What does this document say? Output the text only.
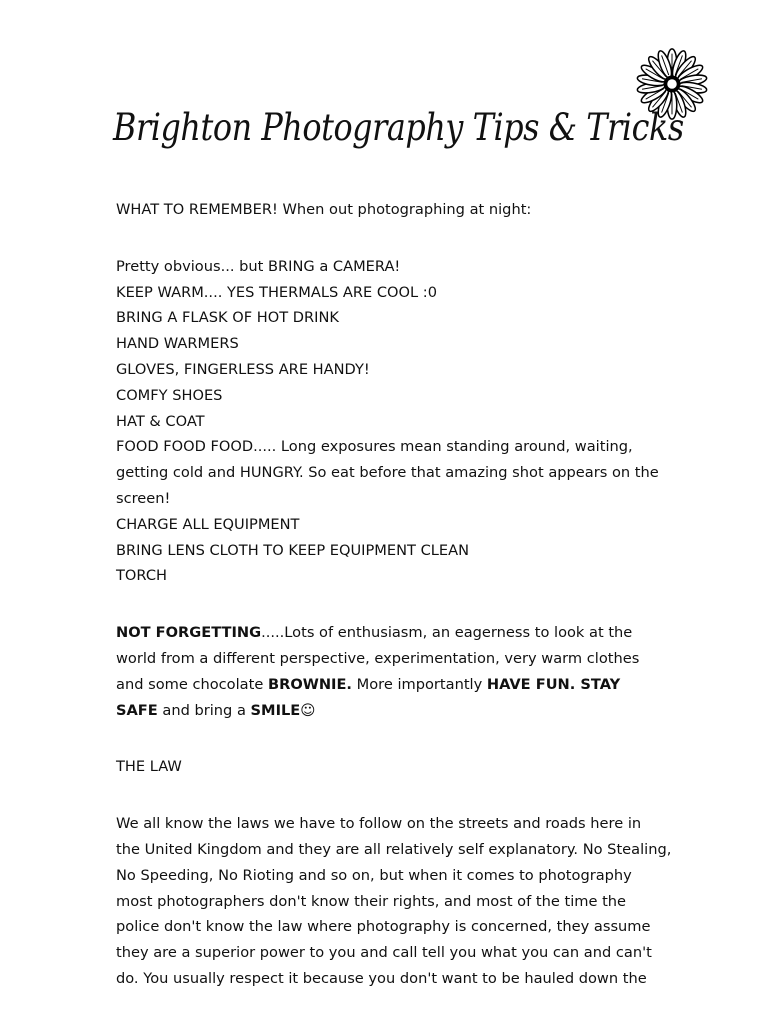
Brighton Photography Tips & Tricks
WHAT TO REMEMBER! When out photographing at night:
Pretty obvious... but BRING a CAMERA!
KEEP WARM.... YES THERMALS ARE COOL :0
BRING A FLASK OF HOT DRINK
HAND WARMERS
GLOVES, FINGERLESS ARE HANDY!
COMFY SHOES
HAT & COAT
FOOD FOOD FOOD..... Long exposures mean standing around, waiting,
getting cold and HUNGRY. So eat before that amazing shot appears on the
screen!
CHARGE ALL EQUIPMENT
BRING LENS CLOTH TO KEEP EQUIPMENT CLEAN
TORCH
NOT FORGETTING.....Lots of enthusiasm, an eagerness to look at the
world from a different perspective, experimentation, very warm clothes
and some chocolate BROWNIE. More importantly HAVE FUN. STAY
SAFE and bring a SMILE☺
THE LAW
We all know the laws we have to follow on the streets and roads here in
the United Kingdom and they are all relatively self explanatory. No Stealing,
No Speeding, No Rioting and so on, but when it comes to photography
most photographers don't know their rights, and most of the time the
police don't know the law where photography is concerned, they assume
they are a superior power to you and call tell you what you can and can't
do. You usually respect it because you don't want to be hauled down the
